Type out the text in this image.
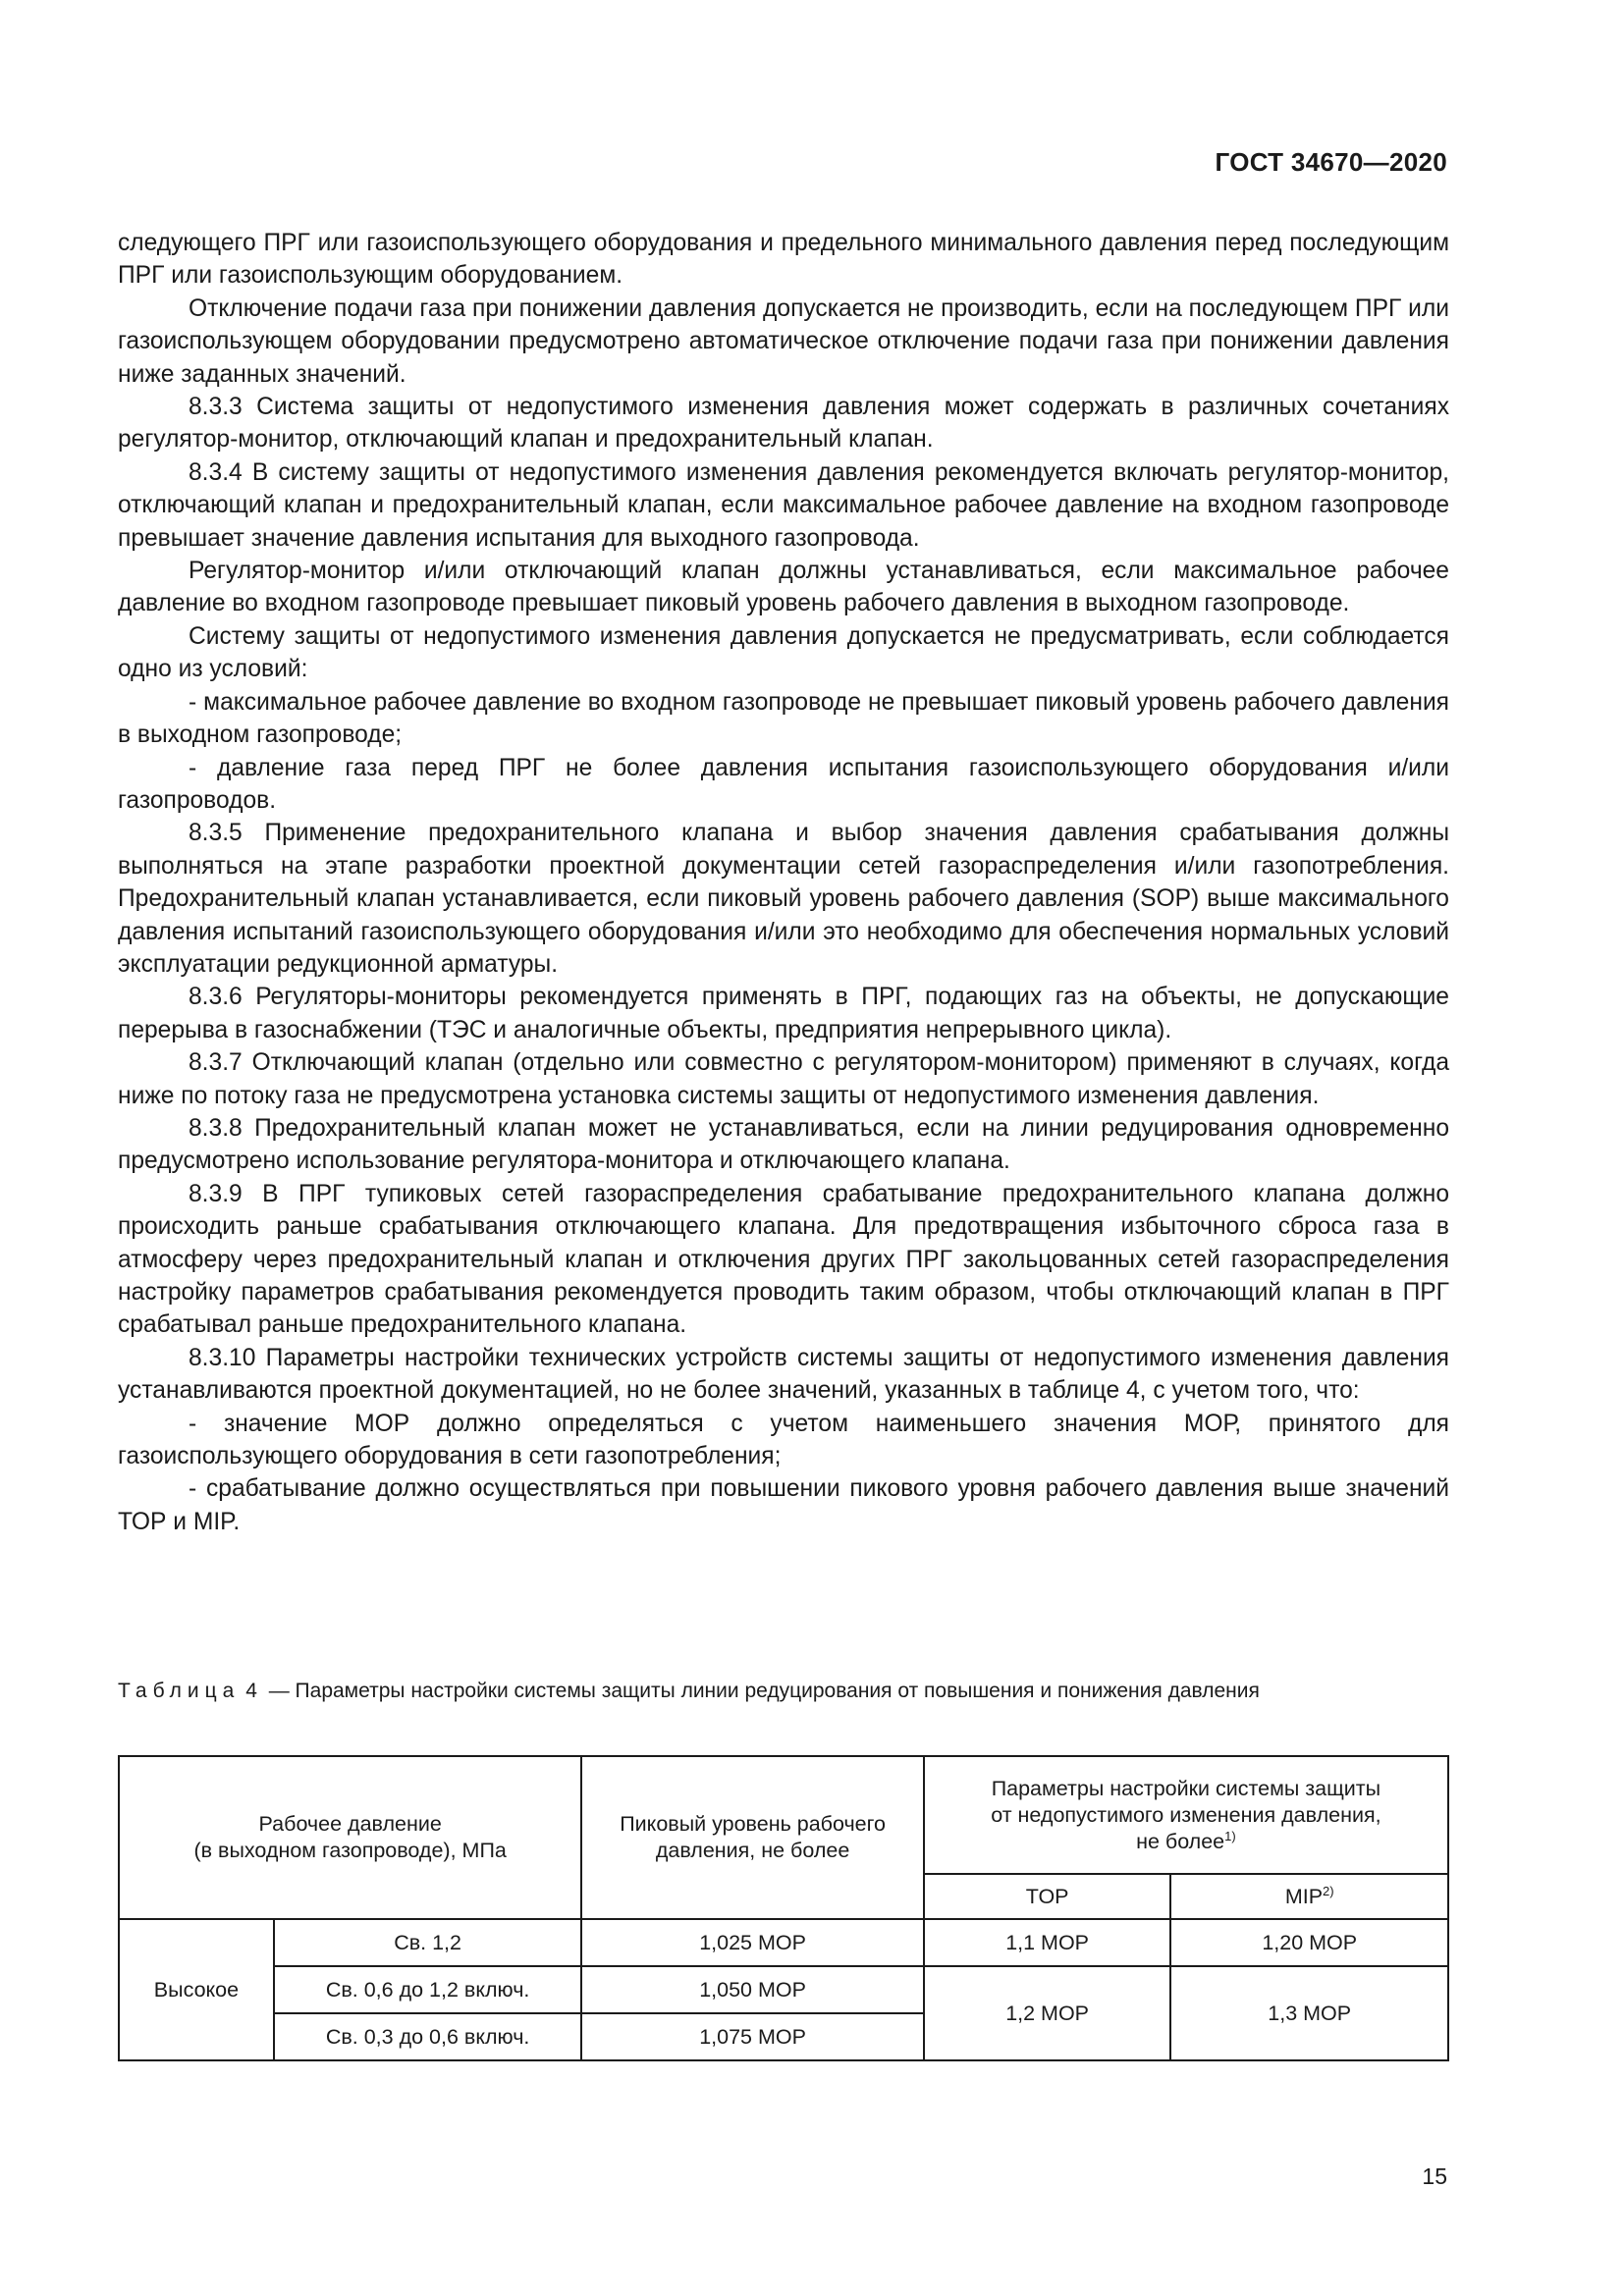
ГОСТ 34670—2020

следующего ПРГ или газоиспользующего оборудования и предельного минимального давления перед последующим ПРГ или газоиспользующим оборудованием.

Отключение подачи газа при понижении давления допускается не производить, если на последующем ПРГ или газоиспользующем оборудовании предусмотрено автоматическое отключение подачи газа при понижении давления ниже заданных значений.

8.3.3 Система защиты от недопустимого изменения давления может содержать в различных сочетаниях регулятор-монитор, отключающий клапан и предохранительный клапан.

8.3.4 В систему защиты от недопустимого изменения давления рекомендуется включать регулятор-монитор, отключающий клапан и предохранительный клапан, если максимальное рабочее давление на входном газопроводе превышает значение давления испытания для выходного газопровода.

Регулятор-монитор и/или отключающий клапан должны устанавливаться, если максимальное рабочее давление во входном газопроводе превышает пиковый уровень рабочего давления в выходном газопроводе.

Систему защиты от недопустимого изменения давления допускается не предусматривать, если соблюдается одно из условий:

- максимальное рабочее давление во входном газопроводе не превышает пиковый уровень рабочего давления в выходном газопроводе;

- давление газа перед ПРГ не более давления испытания газоиспользующего оборудования и/или газопроводов.

8.3.5 Применение предохранительного клапана и выбор значения давления срабатывания должны выполняться на этапе разработки проектной документации сетей газораспределения и/или газопотребления. Предохранительный клапан устанавливается, если пиковый уровень рабочего давления (SOP) выше максимального давления испытаний газоиспользующего оборудования и/или это необходимо для обеспечения нормальных условий эксплуатации редукционной арматуры.

8.3.6 Регуляторы-мониторы рекомендуется применять в ПРГ, подающих газ на объекты, не допускающие перерыва в газоснабжении (ТЭС и аналогичные объекты, предприятия непрерывного цикла).

8.3.7 Отключающий клапан (отдельно или совместно с регулятором-монитором) применяют в случаях, когда ниже по потоку газа не предусмотрена установка системы защиты от недопустимого изменения давления.

8.3.8 Предохранительный клапан может не устанавливаться, если на линии редуцирования одновременно предусмотрено использование регулятора-монитора и отключающего клапана.

8.3.9 В ПРГ тупиковых сетей газораспределения срабатывание предохранительного клапана должно происходить раньше срабатывания отключающего клапана. Для предотвращения избыточного сброса газа в атмосферу через предохранительный клапан и отключения других ПРГ закольцованных сетей газораспределения настройку параметров срабатывания рекомендуется проводить таким образом, чтобы отключающий клапан в ПРГ срабатывал раньше предохранительного клапана.

8.3.10 Параметры настройки технических устройств системы защиты от недопустимого изменения давления устанавливаются проектной документацией, но не более значений, указанных в таблице 4, с учетом того, что:

- значение МОР должно определяться с учетом наименьшего значения МОР, принятого для газоиспользующего оборудования в сети газопотребления;

- срабатывание должно осуществляться при повышении пикового уровня рабочего давления выше значений ТОР и MIP.

Таблица 4 — Параметры настройки системы защиты линии редуцирования от повышения и понижения давления
Рабочее давление
(в выходном газопроводе), МПа		Пиковый уровень рабочего давления, не более	Параметры настройки системы защиты
от недопустимого изменения давления,
не более$^{1)}$
			TOP	MIP$^{2)}$
Высокое	Св. 1,2	1,025 MOP	1,1 MOP	1,20 MOP
	Св. 0,6 до 1,2 включ.	1,050 MOP	1,2 MOP	1,3 MOP
	Св. 0,3 до 0,6 включ.	1,075 MOP		
15
